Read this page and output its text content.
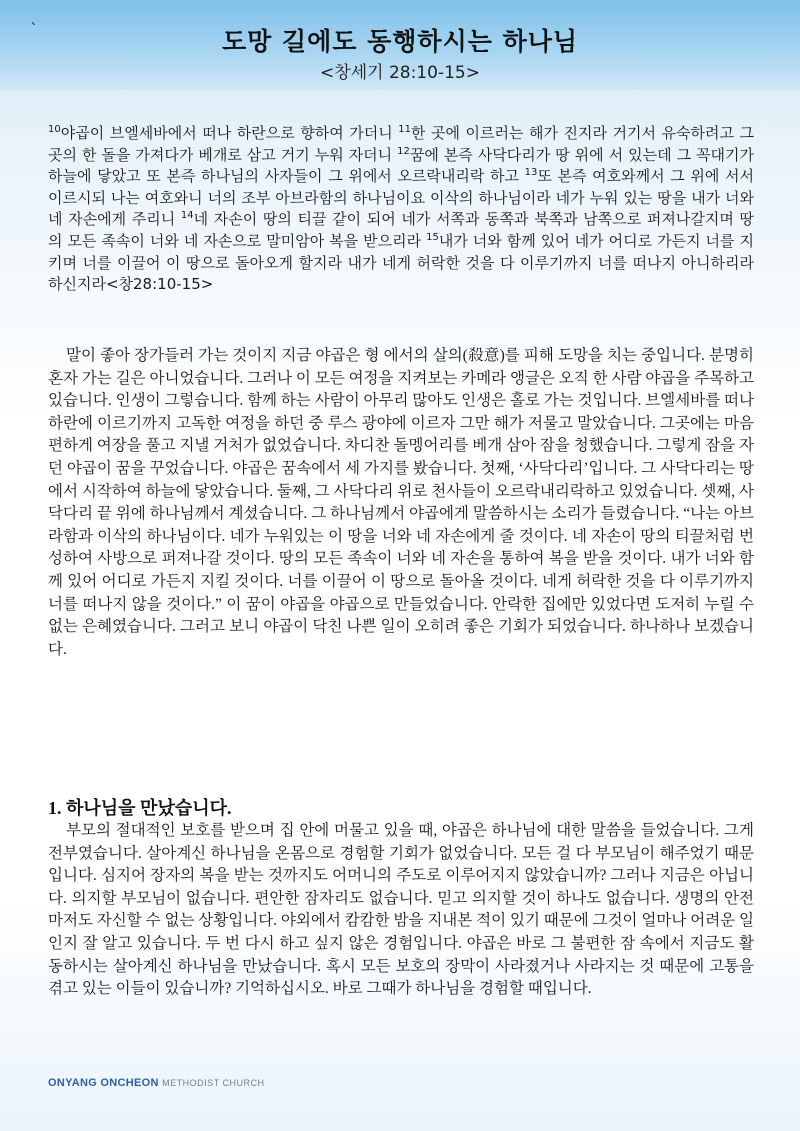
`	도망 길에도 동행하시는 하나님
<창세기 28:10-15>
$^{10}$야곱이 브엘세바에서 떠나 하란으로 향하여 가더니 $^{11}$한 곳에 이르러는 해가 진지라 거기서 유숙하려고 그 곳의 한 돌을 가져다가 베개로 삼고 거기 누워 자더니 $^{12}$꿈에 본즉 사닥다리가 땅 위에 서 있는데 그 꼭대기가 하늘에 닿았고 또 본즉 하나님의 사자들이 그 위에서 오르락내리락 하고 $^{13}$또 본즉 여호와께서 그 위에 서서 이르시되 나는 여호와니 너의 조부 아브라함의 하나님이요 이삭의 하나님이라 네가 누워 있는 땅을 내가 너와 네 자손에게 주리니 $^{14}$네 자손이 땅의 티끌 같이 되어 네가 서쪽과 동쪽과 북쪽과 남쪽으로 퍼져나갈지며 땅의 모든 족속이 너와 네 자손으로 말미암아 복을 받으리라 $^{15}$내가 너와 함께 있어 네가 어디로 가든지 너를 지키며 너를 이끌어 이 땅으로 돌아오게 할지라 내가 네게 허락한 것을 다 이루기까지 너를 떠나지 아니하리라 하신지라<창28:10-15>
말이 좋아 장가들러 가는 것이지 지금 야곱은 형 에서의 살의(殺意)를 피해 도망을 치는 중입니다. 분명히 혼자 가는 길은 아니었습니다. 그러나 이 모든 여정을 지켜보는 카메라 앵글은 오직 한 사람 야곱을 주목하고 있습니다. 인생이 그렇습니다. 함께 하는 사람이 아무리 많아도 인생은 홀로 가는 것입니다. 브엘세바를 떠나 하란에 이르기까지 고독한 여정을 하던 중 루스 광야에 이르자 그만 해가 저물고 말았습니다. 그곳에는 마음 편하게 여장을 풀고 지낼 거처가 없었습니다. 차디찬 돌멩어리를 베개 삼아 잠을 청했습니다. 그렇게 잠을 자던 야곱이 꿈을 꾸었습니다. 야곱은 꿈속에서 세 가지를 봤습니다. 첫째, ‘사닥다리’입니다. 그 사닥다리는 땅에서 시작하여 하늘에 닿았습니다. 둘째, 그 사닥다리 위로 천사들이 오르락내리락하고 있었습니다. 셋째, 사닥다리 끝 위에 하나님께서 계셨습니다. 그 하나님께서 야곱에게 말씀하시는 소리가 들렸습니다. “나는 아브라함과 이삭의 하나님이다. 네가 누워있는 이 땅을 너와 네 자손에게 줄 것이다. 네 자손이 땅의 티끌처럼 번성하여 사방으로 퍼져나갈 것이다. 땅의 모든 족속이 너와 네 자손을 통하여 복을 받을 것이다. 내가 너와 함께 있어 어디로 가든지 지킬 것이다. 너를 이끌어 이 땅으로 돌아올 것이다. 네게 허락한 것을 다 이루기까지 너를 떠나지 않을 것이다.” 이 꿈이 야곱을 야곱으로 만들었습니다. 안락한 집에만 있었다면 도저히 누릴 수 없는 은혜였습니다. 그러고 보니 야곱이 닥친 나쁜 일이 오히려 좋은 기회가 되었습니다. 하나하나 보겠습니다.
1. 하나님을 만났습니다.
부모의 절대적인 보호를 받으며 집 안에 머물고 있을 때, 야곱은 하나님에 대한 말씀을 들었습니다. 그게 전부였습니다. 살아계신 하나님을 온몸으로 경험할 기회가 없었습니다. 모든 걸 다 부모님이 해주었기 때문입니다. 심지어 장자의 복을 받는 것까지도 어머니의 주도로 이루어지지 않았습니까? 그러나 지금은 아닙니다. 의지할 부모님이 없습니다. 편안한 잠자리도 없습니다. 믿고 의지할 것이 하나도 없습니다. 생명의 안전마저도 자신할 수 없는 상황입니다. 야외에서 캄캄한 밤을 지내본 적이 있기 때문에 그것이 얼마나 어려운 일인지 잘 알고 있습니다. 두 번 다시 하고 싶지 않은 경험입니다. 야곱은 바로 그 불편한 잠 속에서 지금도 활동하시는 살아계신 하나님을 만났습니다. 혹시 모든 보호의 장막이 사라졌거나 사라지는 것 때문에 고통을 겪고 있는 이들이 있습니까? 기억하십시오. 바로 그때가 하나님을 경험할 때입니다.
ONYANG ONCHEON METHODIST CHURCH
